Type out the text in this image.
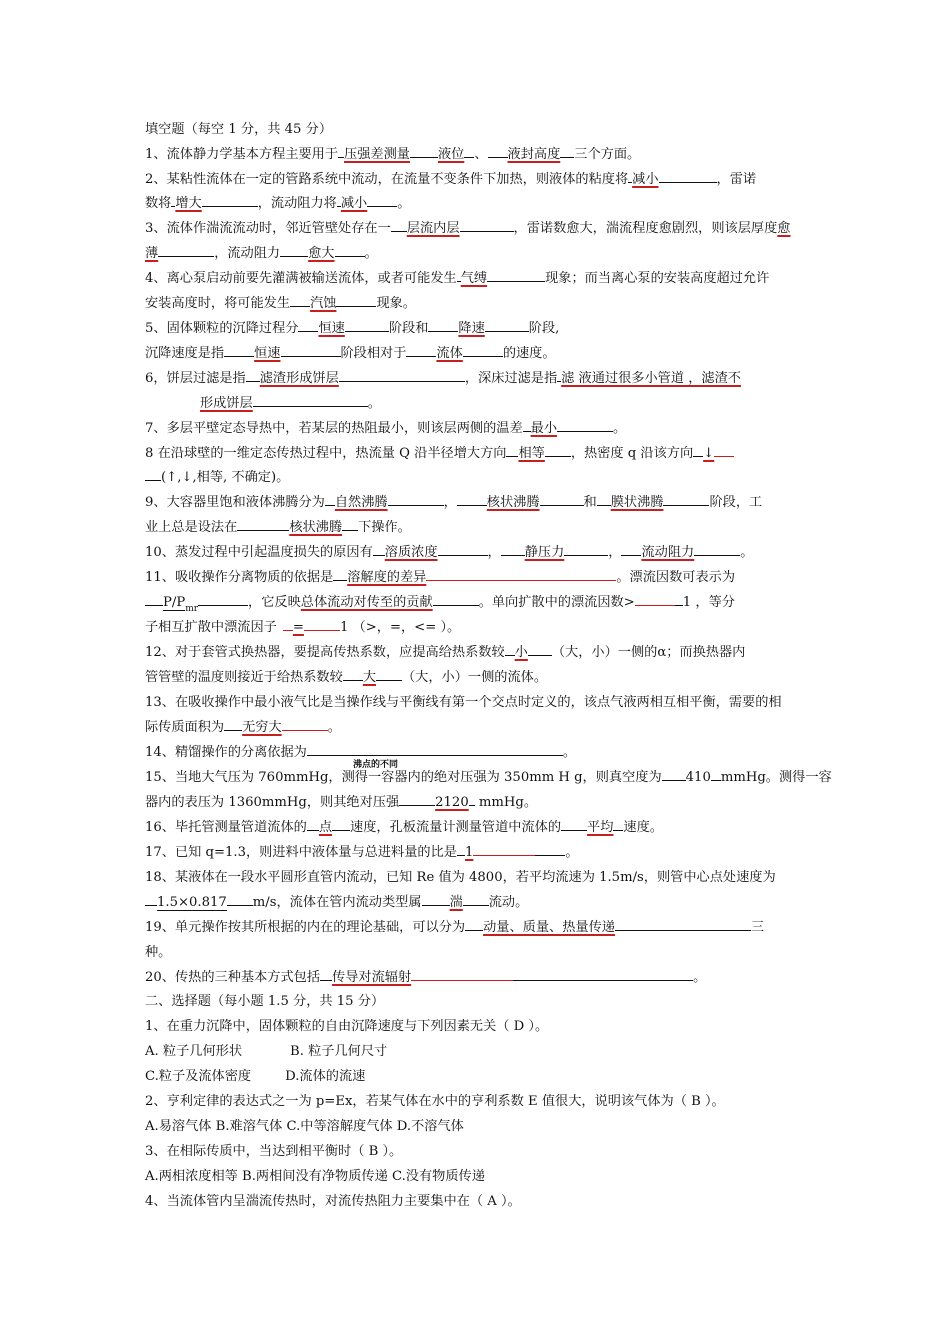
填空题（每空 1 分，共 45 分）
1、流体静力学基本方程主要用于 压强差测量 液位 、 液封高度 三个方面。
2、某粘性流体在一定的管路系统中流动，在流量不变条件下加热，则液体的粘度将 减小	，雷诺
数将 增大	，流动阻力将 减小 。
3、流体作湍流流动时，邻近管壁处存在一 层流内层	，雷诺数愈大，湍流程度愈剧烈，则该层厚度愈
薄	，流动阻力 愈大 。
4、离心泵启动前要先灌满被输送流体，或者可能发生 气缚	现象；而当离心泵的安装高度超过允许
安装高度时，将可能发生 汽蚀	现象。
5、固体颗粒的沉降过程分 恒速	阶段和 降速	阶段,
沉降速度是指 恒速	阶段相对于 流体	的速度。
6，饼层过滤是指 滤渣形成饼层	，深床过滤是指 滤 液通过很多小管道 ，滤渣不
形成饼层	。
7、多层平壁定态导热中，若某层的热阻最小，则该层两侧的温差 最小	。
8 在沿球壁的一维定态传热过程中，热流量 Q 沿半径增大方向 相等 ，热密度 q 沿该方向 ↓
(↑,↓,相等, 不确定)。
9、大容器里饱和液体沸腾分为 自然沸腾	， 核状沸腾	和 膜状沸腾	阶段，工
业上总是设法在	核状沸腾 下操作。
10、蒸发过程中引起温度损失的原因有 溶质浓度	， 静压力	， 流动阻力	。
11、吸收操作分离物质的依据是 溶解度的差异	。漂流因数可表示为
$P/P_{mr}$	，它反映总体流动对传至的贡献	。单向扩散中的漂流因数>	1 ，等分
子相互扩散中漂流因子 =	1 （>，=，<= ）。
12、对于套管式换热器，要提高传热系数，应提高给热系数较 小 （大，小）一侧的α；而换热器内
管管壁的温度则接近于给热系数较 大 （大，小）一侧的流体。
13、在吸收操作中最小液气比是当操作线与平衡线有第一个交点时定义的，该点气液两相互相平衡，需要的相
际传质面积为 无穷大	。
14、精馏操作的分离依据为	。
沸点的不同
15、当地大气压为 760mmHg，测得一容器内的绝对压强为 350mm H g，则真空度为 410 mmHg。测得一容
器内的表压为 1360mmHg，则其绝对压强	2120 mmHg。
16、毕托管测量管道流体的 点 速度，孔板流量计测量管道中流体的 平均 速度。
17、已知 q=1.3，则进料中液体量与总进料量的比是 1	。
18、某液体在一段水平圆形直管内流动，已知 Re 值为 4800，若平均流速为 1.5m/s，则管中心点处速度为
1.5×0.817 m/s，流体在管内流动类型属 湍 流动。
19、单元操作按其所根据的内在的理论基础，可以分为 动量、质量、热量传递	三
种。
20、传热的三种基本方式包括 传导对流辐射	。
二、选择题（每小题 1.5 分，共 15 分）
1、在重力沉降中，固体颗粒的自由沉降速度与下列因素无关（ D ）。
A. 粒子几何形状	B. 粒子几何尺寸
C.粒子及流体密度	D.流体的流速
2、亨利定律的表达式之一为 p=Ex，若某气体在水中的亨利系数 E 值很大，说明该气体为（ B ）。
A.易溶气体 B.难溶气体 C.中等溶解度气体 D.不溶气体
3、在相际传质中，当达到相平衡时（ B ）。
A.两相浓度相等 B.两相间没有净物质传递 C.没有物质传递
4、当流体管内呈湍流传热时，对流传热阻力主要集中在（ A ）。
